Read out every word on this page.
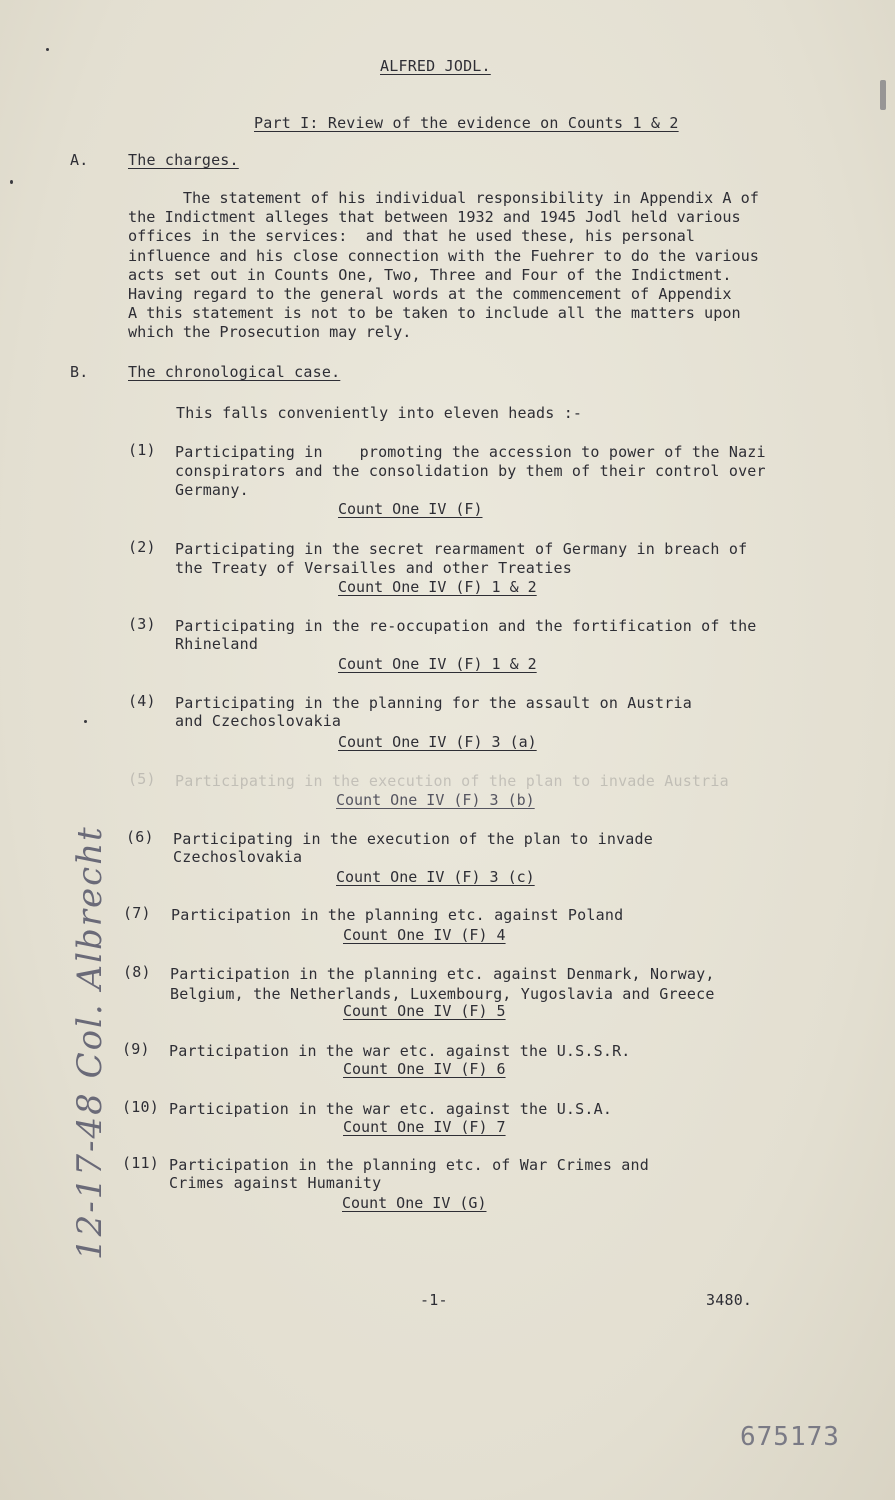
ALFRED JODL.
Part I: Review of the evidence on Counts 1 & 2
A.	The charges.
The statement of his individual responsibility in Appendix A of
the Indictment alleges that between 1932 and 1945 Jodl held various
offices in the services:  and that he used these, his personal
influence and his close connection with the Fuehrer to do the various
acts set out in Counts One, Two, Three and Four of the Indictment.
Having regard to the general words at the commencement of Appendix
A this statement is not to be taken to include all the matters upon
which the Prosecution may rely.
B.	The chronological case.
This falls conveniently into eleven heads :-
(1) Participating in    promoting the accession to power of the Nazi
conspirators and the consolidation by them of their control over
Germany.
Count One IV (F)
(2) Participating in the secret rearmament of Germany in breach of
the Treaty of Versailles and other Treaties
Count One IV (F) 1 & 2
(3) Participating in the re-occupation and the fortification of the
Rhineland
Count One IV (F) 1 & 2
(4) Participating in the planning for the assault on Austria
and Czechoslovakia
Count One IV (F) 3 (a)
(5) Participating in the execution of the plan to invade Austria
Count One IV (F) 3 (b)
(6) Participating in the execution of the plan to invade
Czechoslovakia
Count One IV (F) 3 (c)
(7) Participation in the planning etc. against Poland
Count One IV (F) 4
(8) Participation in the planning etc. against Denmark, Norway,
Belgium, the Netherlands, Luxembourg, Yugoslavia and Greece
Count One IV (F) 5
(9) Participation in the war etc. against the U.S.S.R.
Count One IV (F) 6
(10) Participation in the war etc. against the U.S.A.
Count One IV (F) 7
(11) Participation in the planning etc. of War Crimes and
Crimes against Humanity
Count One IV (G)
-1-	3480.
675173
12-17-48 Col. Albrecht
